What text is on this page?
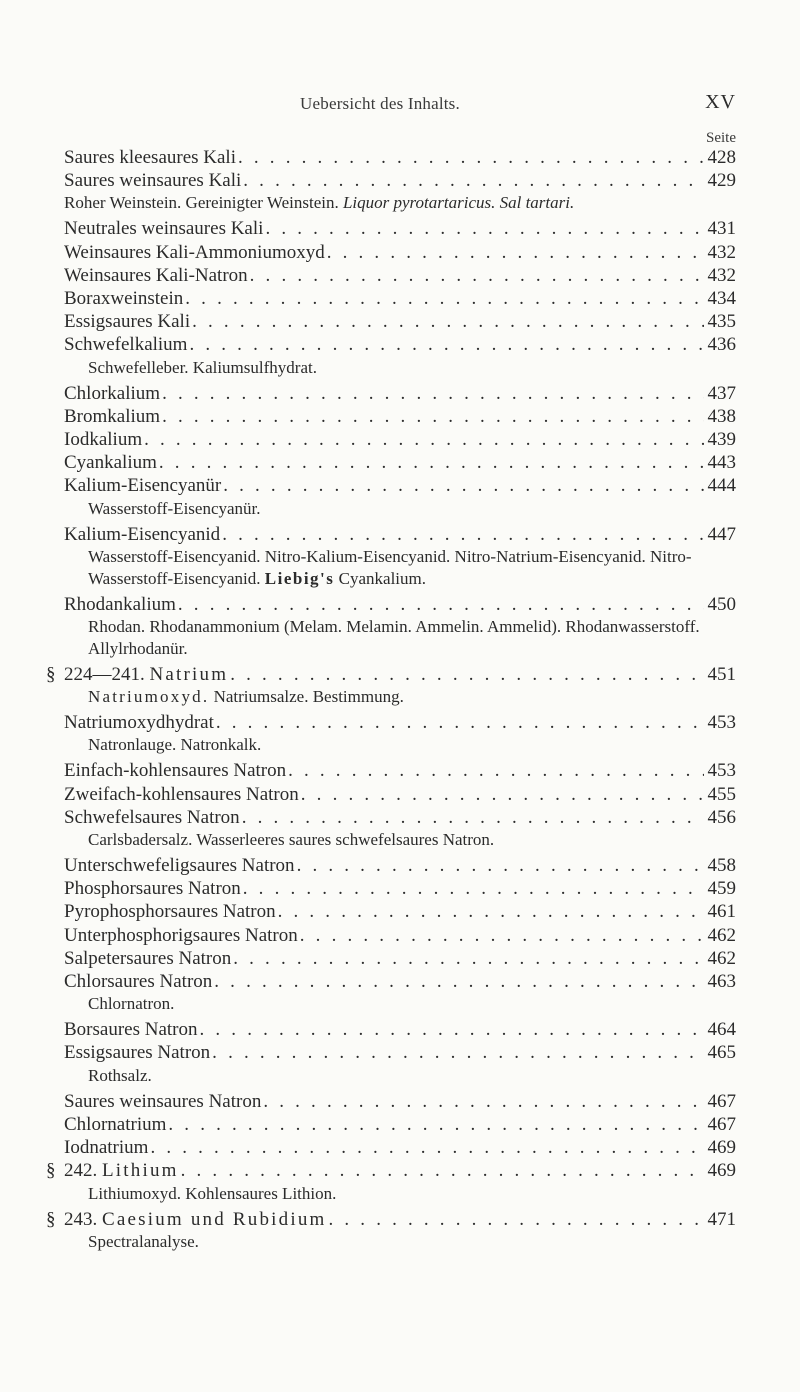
Uebersicht des Inhalts.	XV
Seite
Saures kleesaures Kali . . .	428
Saures weinsaures Kali . . .	429
Roher Weinstein. Gereinigter Weinstein. Liquor pyrotartaricus. Sal tartari.
Neutrales weinsaures Kali . . .	431
Weinsaures Kali-Ammoniumoxyd . . .	432
Weinsaures Kali-Natron . . .	432
Boraxweinstein . . .	434
Essigsaures Kali . . .	435
Schwefelkalium . . .	436
Schwefelleber. Kaliumsulfhydrat.
Chlorkalium . . .	437
Bromkalium . . .	438
Iodkalium . . .	439
Cyankalium . . .	443
Kalium-Eisencyanür . . .	444
Wasserstoff-Eisencyanür.
Kalium-Eisencyanid . . .	447
Wasserstoff-Eisencyanid. Nitro-Kalium-Eisencyanid. Nitro-Natrium-Eisencyanid. Nitro-Wasserstoff-Eisencyanid. Liebig's Cyankalium.
Rhodankalium . . .	450
Rhodan. Rhodanammonium (Melam. Melamin. Ammelin. Ammelid). Rhodanwasserstoff. Allylrhodanür.
§ 224—241. Natrium . . .	451
Natriumoxyd. Natriumsalze. Bestimmung.
Natriumoxydhydrat . . .	453
Natronlauge. Natronkalk.
Einfach-kohlensaures Natron . . .	453
Zweifach-kohlensaures Natron . . .	455
Schwefelsaures Natron . . .	456
Carlsbadersalz. Wasserleeres saures schwefelsaures Natron.
Unterschwefeligsaures Natron . . .	458
Phosphorsaures Natron . . .	459
Pyrophosphorsaures Natron . . .	461
Unterphosphorigsaures Natron . . .	462
Salpetersaures Natron . . .	462
Chlorsaures Natron . . .	463
Chlornatron.
Borsaures Natron . . .	464
Essigsaures Natron . . .	465
Rothsalz.
Saures weinsaures Natron . . .	467
Chlornatrium . . .	467
Iodnatrium . . .	469
§ 242. Lithium . . .	469
Lithiumoxyd. Kohlensaures Lithion.
§ 243. Caesium und Rubidium . . .	471
Spectralanalyse.
